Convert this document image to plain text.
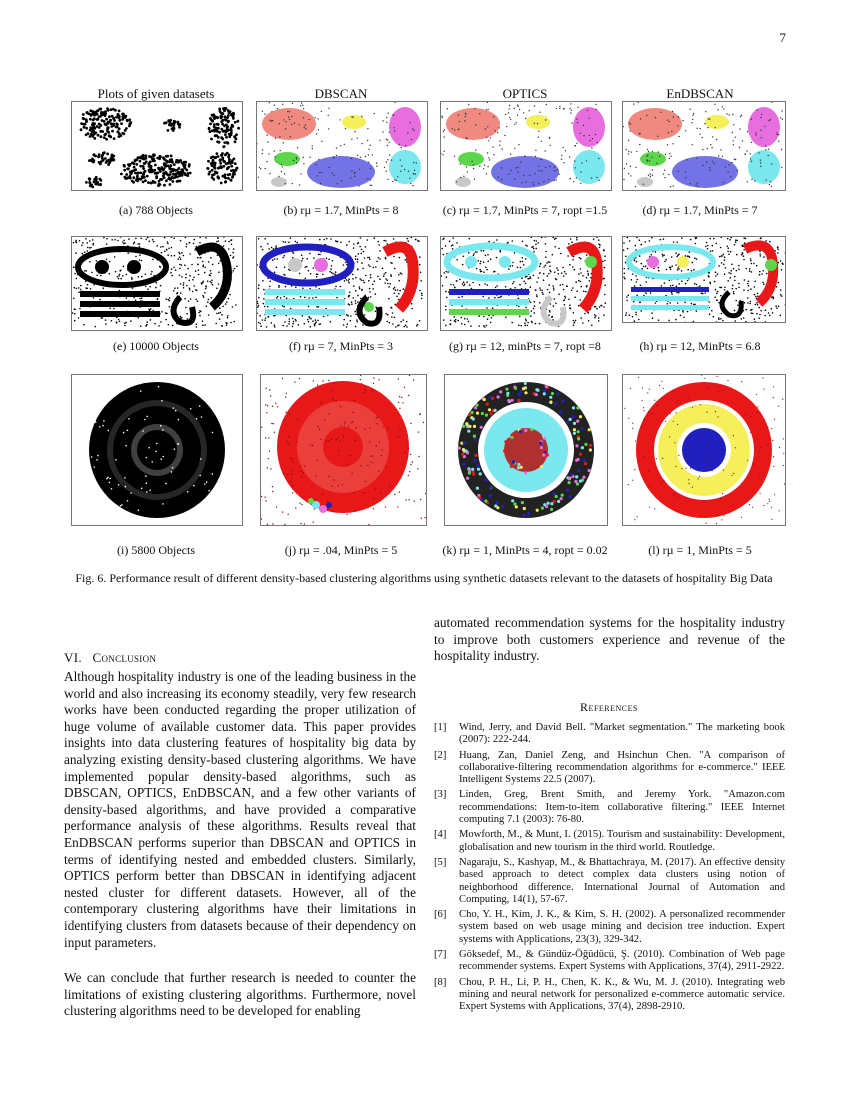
7
Plots of given datasets	DBSCAN	OPTICS	EnDBSCAN
(a) 788 Objects	(b) rµ = 1.7, MinPts = 8	(c) rµ = 1.7, MinPts = 7, ropt =1.5	(d) rµ = 1.7, MinPts = 7
(e) 10000 Objects	(f) rµ = 7, MinPts = 3	(g) rµ = 12, minPts = 7, ropt =8	(h) rµ = 12, MinPts = 6.8
(i) 5800 Objects	(j) rµ = .04, MinPts = 5	(k) rµ = 1, MinPts = 4, ropt = 0.02	(l) rµ = 1, MinPts = 5
Fig. 6. Performance result of different density-based clustering algorithms using synthetic datasets relevant to the datasets of hospitality Big Data
VI. Conclusion
Although hospitality industry is one of the leading business in the world and also increasing its economy steadily, very few research works have been conducted regarding the proper utilization of huge volume of available customer data. This paper provides insights into data clustering features of hospitality big data by analyzing existing density-based clustering algorithms. We have implemented popular density-based algorithms, such as DBSCAN, OPTICS, EnDBSCAN, and a few other variants of density-based algorithms, and have provided a comparative performance analysis of these algorithms. Results reveal that EnDBSCAN performs superior than DBSCAN and OPTICS in terms of identifying nested and embedded clusters. Similarly, OPTICS perform better than DBSCAN in identifying adjacent nested cluster for different datasets. However, all of the contemporary clustering algorithms have their limitations in identifying clusters from datasets because of their dependency on input parameters.
We can conclude that further research is needed to counter the limitations of existing clustering algorithms. Furthermore, novel clustering algorithms need to be developed for enabling
automated recommendation systems for the hospitality industry to improve both customers experience and revenue of the hospitality industry.
References
[1]	Wind, Jerry, and David Bell. "Market segmentation." The marketing book (2007): 222-244.
[2]	Huang, Zan, Daniel Zeng, and Hsinchun Chen. "A comparison of collaborative-filtering recommendation algorithms for e-commerce." IEEE Intelligent Systems 22.5 (2007).
[3]	Linden, Greg, Brent Smith, and Jeremy York. "Amazon.com recommendations: Item-to-item collaborative filtering." IEEE Internet computing 7.1 (2003): 76-80.
[4]	Mowforth, M., & Munt, I. (2015). Tourism and sustainability: Development, globalisation and new tourism in the third world. Routledge.
[5]	Nagaraju, S., Kashyap, M., & Bhattachraya, M. (2017). An effective density based approach to detect complex data clusters using notion of neighborhood difference. International Journal of Automation and Computing, 14(1), 57-67.
[6]	Cho, Y. H., Kim, J. K., & Kim, S. H. (2002). A personalized recommender system based on web usage mining and decision tree induction. Expert systems with Applications, 23(3), 329-342.
[7]	Göksedef, M., & Gündüz-Öğüdücü, Ş. (2010). Combination of Web page recommender systems. Expert Systems with Applications, 37(4), 2911-2922.
[8]	Chou, P. H., Li, P. H., Chen, K. K., & Wu, M. J. (2010). Integrating web mining and neural network for personalized e-commerce automatic service. Expert Systems with Applications, 37(4), 2898-2910.
